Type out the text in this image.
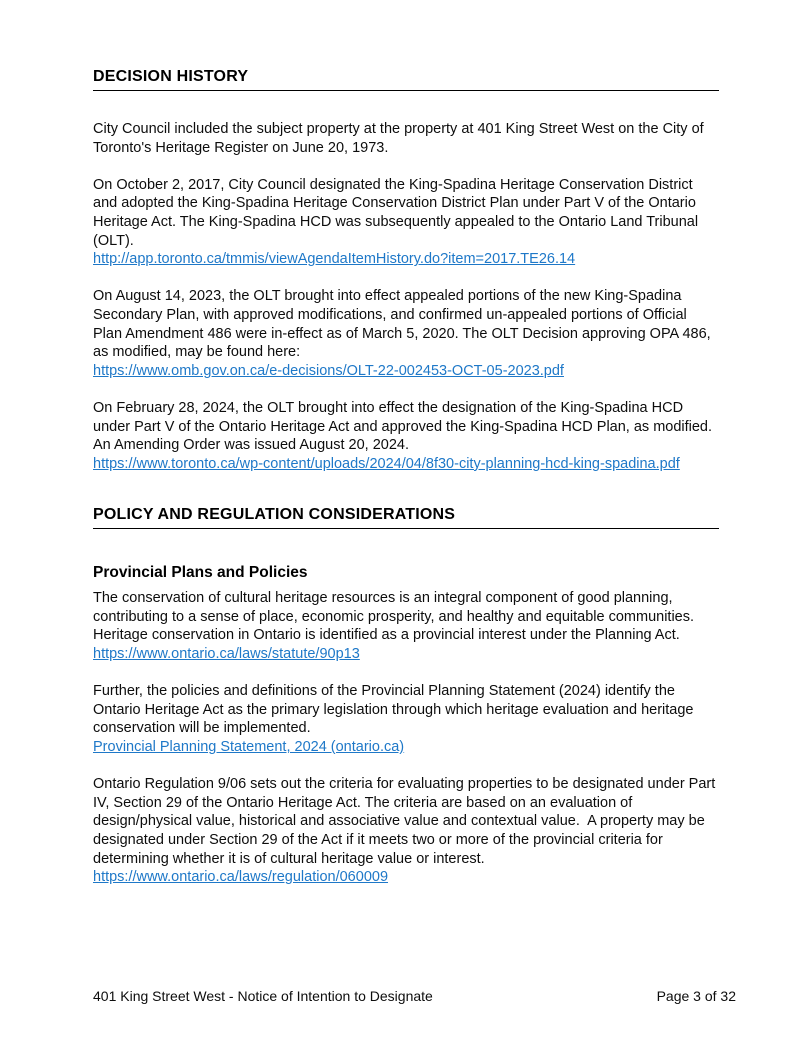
DECISION HISTORY

City Council included the subject property at the property at 401 King Street West on the City of Toronto's Heritage Register on June 20, 1973.

On October 2, 2017, City Council designated the King-Spadina Heritage Conservation District and adopted the King-Spadina Heritage Conservation District Plan under Part V of the Ontario Heritage Act. The King-Spadina HCD was subsequently appealed to the Ontario Land Tribunal (OLT).
http://app.toronto.ca/tmmis/viewAgendaItemHistory.do?item=2017.TE26.14

On August 14, 2023, the OLT brought into effect appealed portions of the new King-Spadina Secondary Plan, with approved modifications, and confirmed un-appealed portions of Official Plan Amendment 486 were in-effect as of March 5, 2020. The OLT Decision approving OPA 486, as modified, may be found here:
https://www.omb.gov.on.ca/e-decisions/OLT-22-002453-OCT-05-2023.pdf

On February 28, 2024, the OLT brought into effect the designation of the King-Spadina HCD under Part V of the Ontario Heritage Act and approved the King-Spadina HCD Plan, as modified. An Amending Order was issued August 20, 2024.
https://www.toronto.ca/wp-content/uploads/2024/04/8f30-city-planning-hcd-king-spadina.pdf

POLICY AND REGULATION CONSIDERATIONS
Provincial Plans and Policies

The conservation of cultural heritage resources is an integral component of good planning, contributing to a sense of place, economic prosperity, and healthy and equitable communities. Heritage conservation in Ontario is identified as a provincial interest under the Planning Act. https://www.ontario.ca/laws/statute/90p13

Further, the policies and definitions of the Provincial Planning Statement (2024) identify the Ontario Heritage Act as the primary legislation through which heritage evaluation and heritage conservation will be implemented.
Provincial Planning Statement, 2024 (ontario.ca)

Ontario Regulation 9/06 sets out the criteria for evaluating properties to be designated under Part IV, Section 29 of the Ontario Heritage Act. The criteria are based on an evaluation of design/physical value, historical and associative value and contextual value.  A property may be designated under Section 29 of the Act if it meets two or more of the provincial criteria for determining whether it is of cultural heritage value or interest.
https://www.ontario.ca/laws/regulation/060009

401 King Street West - Notice of Intention to Designate	Page 3 of 32
